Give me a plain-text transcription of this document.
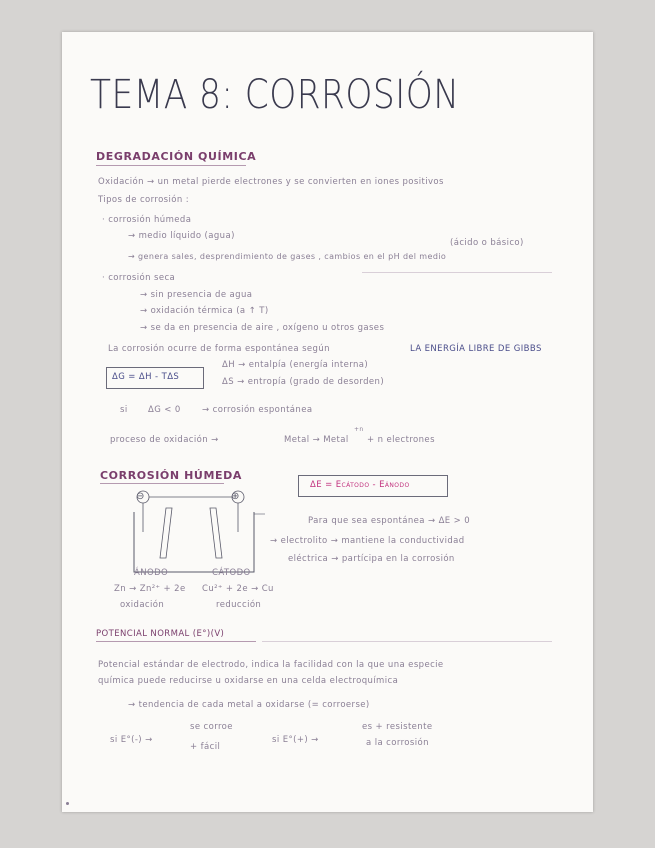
TEMA 8: CORROSIÓN
DEGRADACIÓN QUÍMICA
Oxidación → un metal pierde electrones y se convierten en iones positivos
Tipos de corrosión :
· corrosión húmeda
→ medio líquido (agua)
(ácido o básico)
→ genera sales, desprendimiento de gases , cambios en el pH del medio
· corrosión seca
→ sin presencia de agua
→ oxidación térmica (a ↑ T)
→ se da en presencia de aire , oxígeno u otros gases
La corrosión ocurre de forma espontánea según	LA ENERGÍA LIBRE DE GIBBS
ΔG = ΔH - TΔS
ΔH → entalpía (energía interna)
ΔS → entropía (grado de desorden)
si ΔG < 0	→ corrosión espontánea
proceso de oxidación →	Metal → Metal
+n
+ n electrones
CORROSIÓN HÚMEDA
ΔE = ECÁTODO - EÁNODO
⊖	⊕
Para que sea espontánea → ΔE > 0
→ electrolito → mantiene la conductividad
eléctrica → partícipa en la corrosión
ÁNODO	CÁTODO
Zn → Zn²⁺ + 2e Cu²⁺ + 2e → Cu
oxidación	reducción
POTENCIAL NORMAL (E°)(V)
Potencial estándar de electrodo, indica la facilidad con la que una especie
química puede reducirse u oxidarse en una celda electroquímica
→ tendencia de cada metal a oxidarse (= corroerse)
si E°(-) →
se corroe
+ fácil
si E°(+) →
es + resistente
a la corrosión
